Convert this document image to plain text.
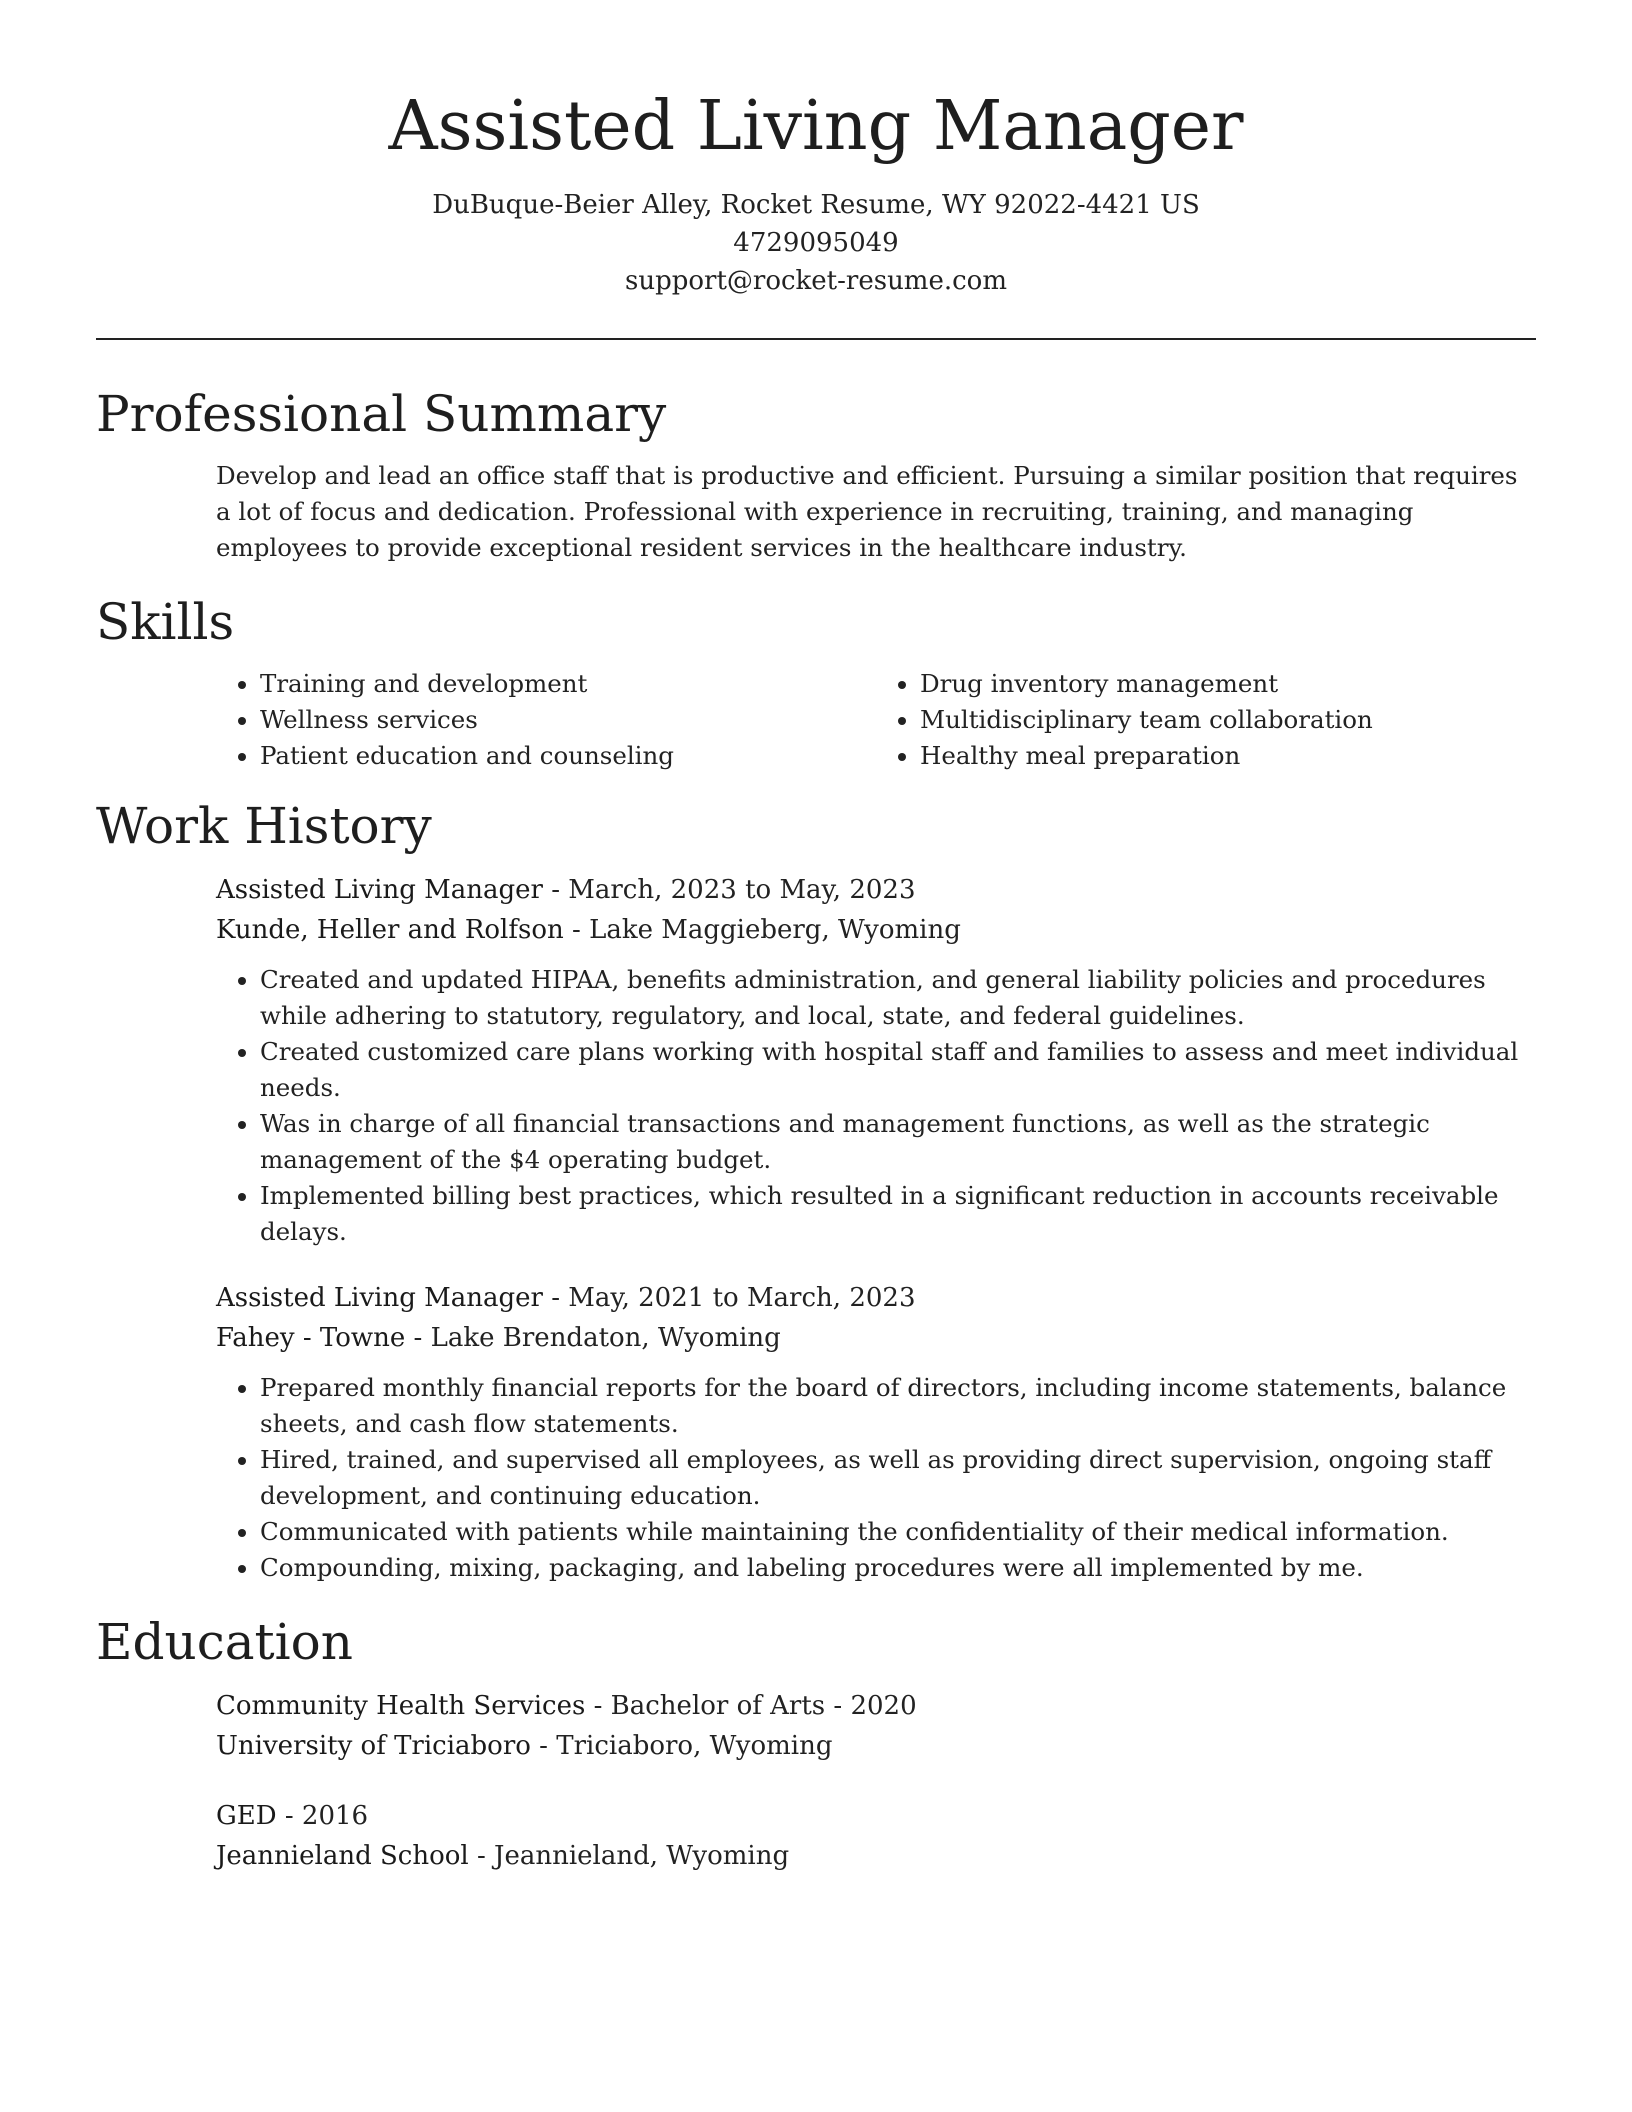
Assisted Living Manager

DuBuque-Beier Alley, Rocket Resume, WY 92022-4421 US

4729095049

support@rocket-resume.com

Professional Summary

Develop and lead an office staff that is productive and efficient. Pursuing a similar position that requires a lot of focus and dedication. Professional with experience in recruiting, training, and managing employees to provide exceptional resident services in the healthcare industry.

Skills
• Training and development
• Wellness services
• Patient education and counseling
• Drug inventory management
• Multidisciplinary team collaboration
• Healthy meal preparation
Work History

Assisted Living Manager - March, 2023 to May, 2023

Kunde, Heller and Rolfson - Lake Maggieberg, Wyoming

• Created and updated HIPAA, benefits administration, and general liability policies and procedures while adhering to statutory, regulatory, and local, state, and federal guidelines.
• Created customized care plans working with hospital staff and families to assess and meet individual needs.
• Was in charge of all financial transactions and management functions, as well as the strategic management of the $4 operating budget.
• Implemented billing best practices, which resulted in a significant reduction in accounts receivable delays.

Assisted Living Manager - May, 2021 to March, 2023

Fahey - Towne - Lake Brendaton, Wyoming

• Prepared monthly financial reports for the board of directors, including income statements, balance sheets, and cash flow statements.
• Hired, trained, and supervised all employees, as well as providing direct supervision, ongoing staff development, and continuing education.
• Communicated with patients while maintaining the confidentiality of their medical information.
• Compounding, mixing, packaging, and labeling procedures were all implemented by me.
Education

Community Health Services - Bachelor of Arts - 2020

University of Triciaboro - Triciaboro, Wyoming

GED - 2016

Jeannieland School - Jeannieland, Wyoming
